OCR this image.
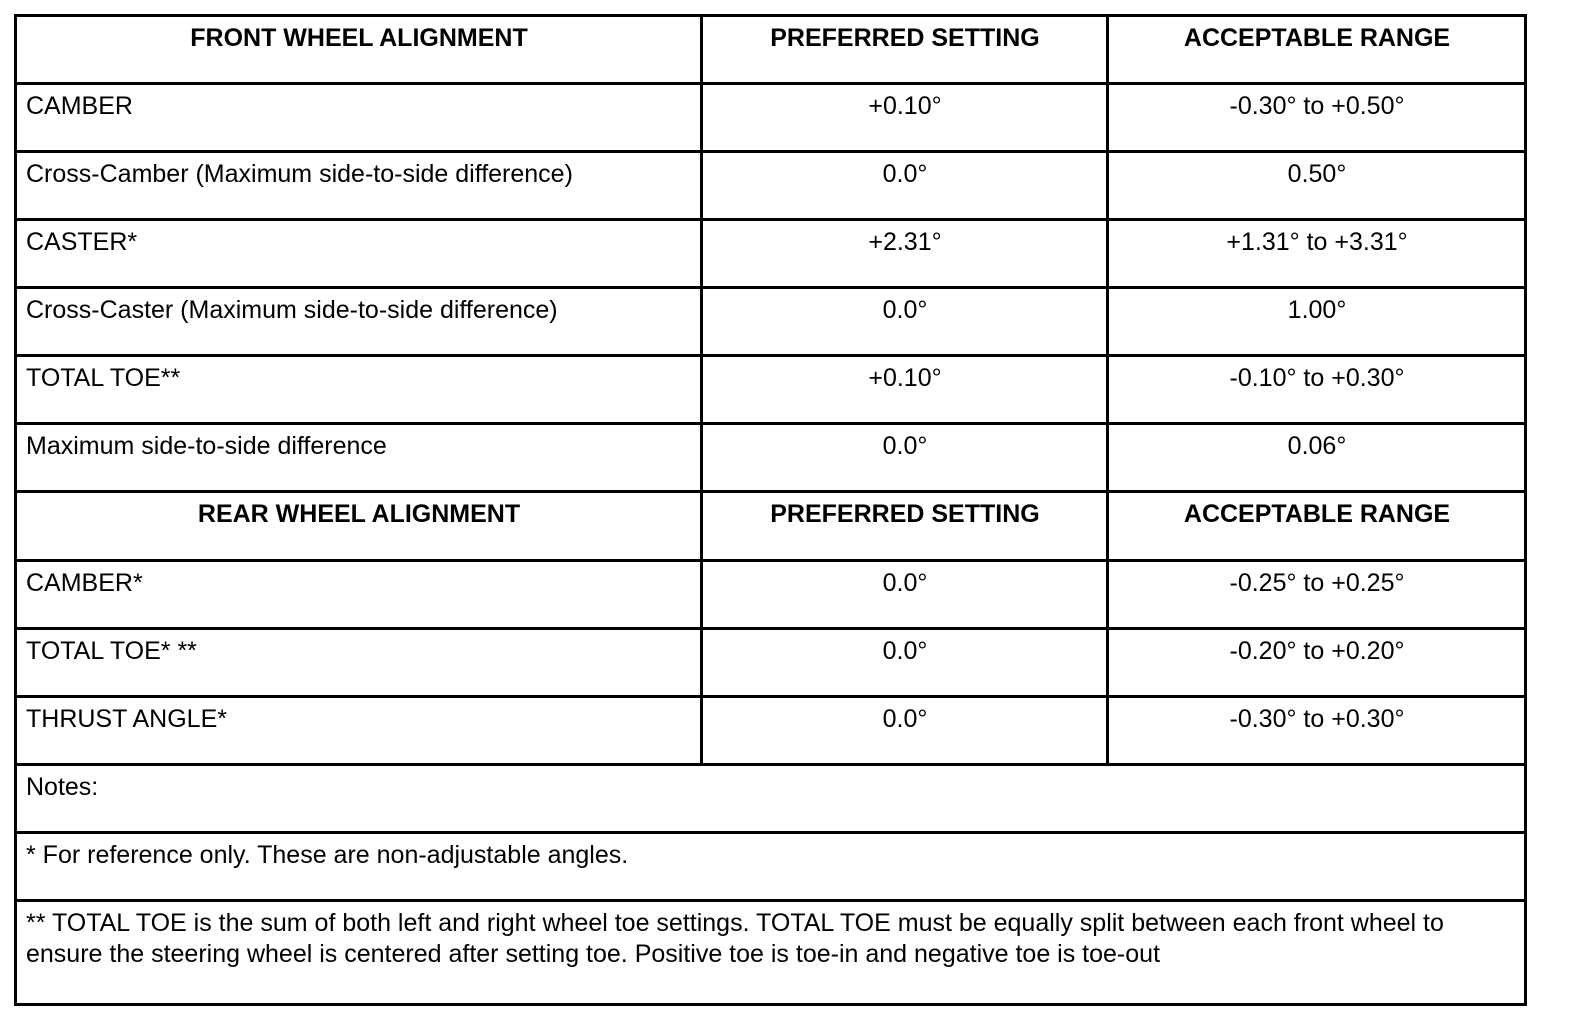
FRONT WHEEL ALIGNMENT	PREFERRED SETTING	ACCEPTABLE RANGE
CAMBER	+0.10°	-0.30° to +0.50°
Cross-Camber (Maximum side-to-side difference)	0.0°	0.50°
CASTER*	+2.31°	+1.31° to +3.31°
Cross-Caster (Maximum side-to-side difference)	0.0°	1.00°
TOTAL TOE**	+0.10°	-0.10° to +0.30°
Maximum side-to-side difference	0.0°	0.06°
REAR WHEEL ALIGNMENT	PREFERRED SETTING	ACCEPTABLE RANGE
CAMBER*	0.0°	-0.25° to +0.25°
TOTAL TOE* **	0.0°	-0.20° to +0.20°
THRUST ANGLE*	0.0°	-0.30° to +0.30°
Notes:		
* For reference only. These are non-adjustable angles.		
** TOTAL TOE is the sum of both left and right wheel toe settings. TOTAL TOE must be equally split between each front wheel to ensure the steering wheel is centered after setting toe. Positive toe is toe-in and negative toe is toe-out		
